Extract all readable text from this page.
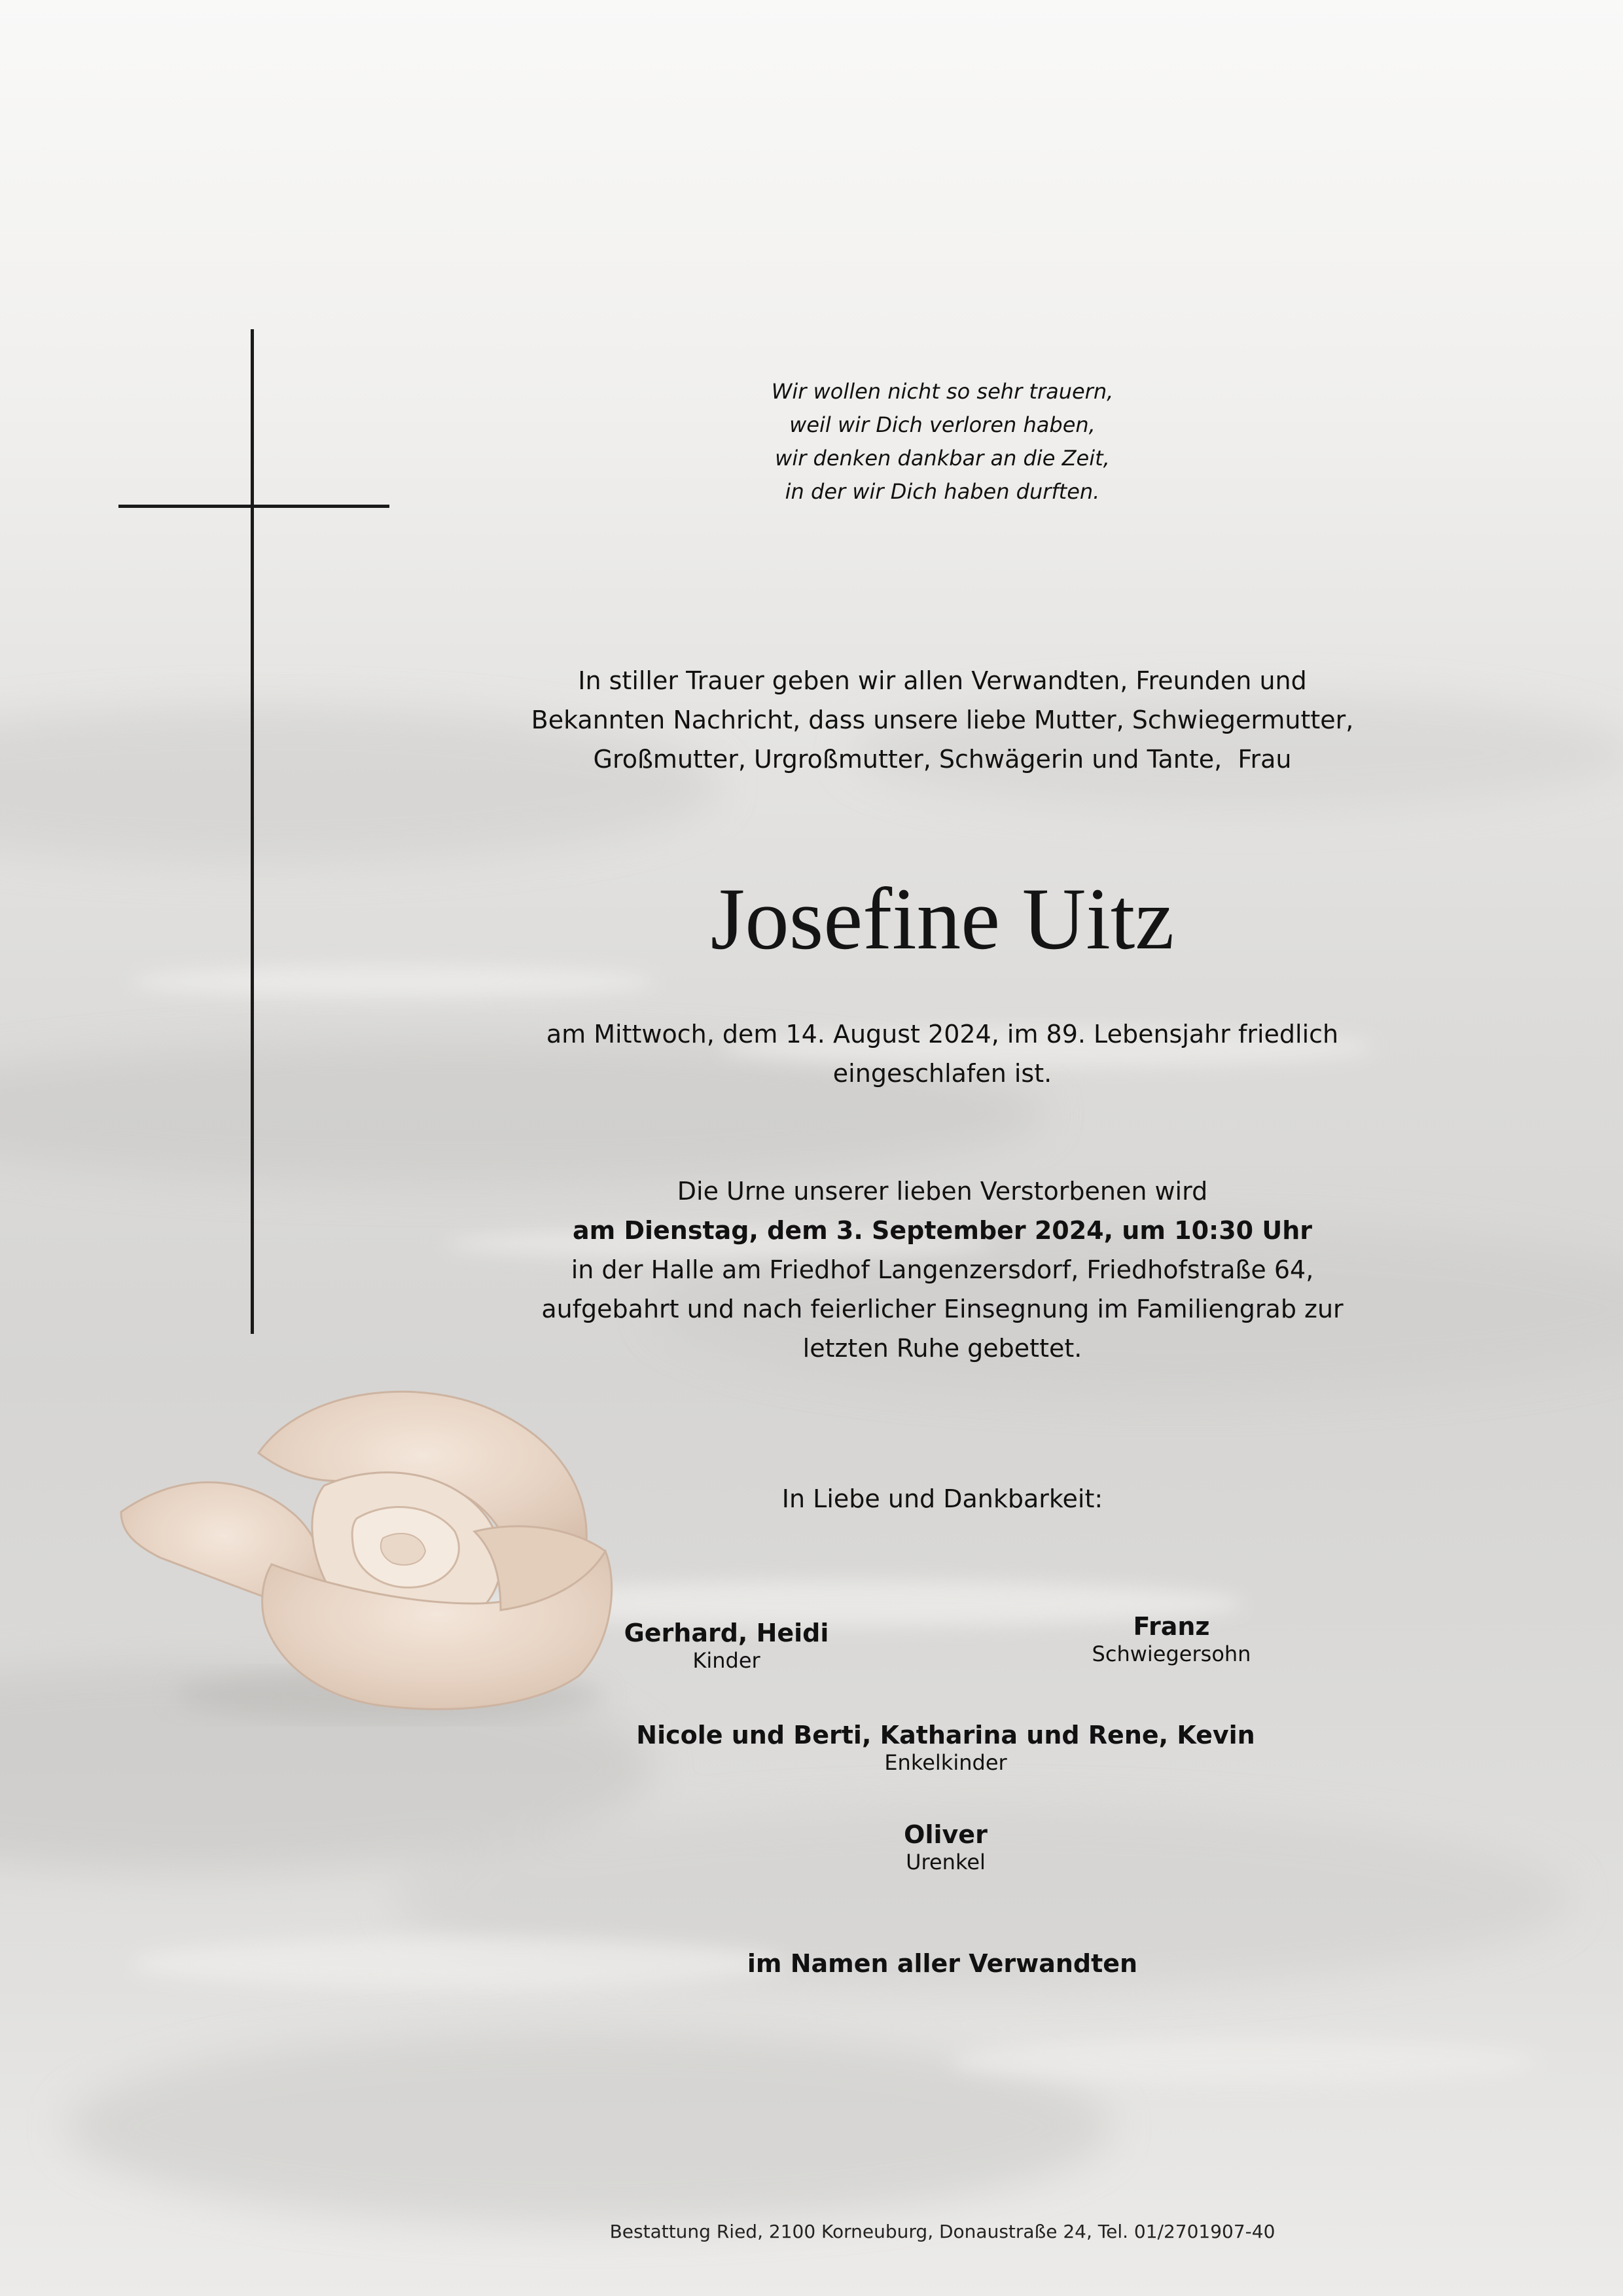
Wir wollen nicht so sehr trauern,
weil wir Dich verloren haben,
wir denken dankbar an die Zeit,
in der wir Dich haben durften.
In stiller Trauer geben wir allen Verwandten, Freunden und
Bekannten Nachricht, dass unsere liebe Mutter, Schwiegermutter,
Großmutter, Urgroßmutter, Schwägerin und Tante,  Frau
Josefine Uitz
am Mittwoch, dem 14. August 2024, im 89. Lebensjahr friedlich
eingeschlafen ist.
Die Urne unserer lieben Verstorbenen wird
am Dienstag, dem 3. September 2024, um 10:30 Uhr
in der Halle am Friedhof Langenzersdorf, Friedhofstraße 64,
aufgebahrt und nach feierlicher Einsegnung im Familiengrab zur
letzten Ruhe gebettet.
In Liebe und Dankbarkeit:
Gerhard, Heidi
Kinder
Franz
Schwiegersohn
Nicole und Berti, Katharina und Rene, Kevin
Enkelkinder
Oliver
Urenkel
im Namen aller Verwandten
Bestattung Ried, 2100 Korneuburg, Donaustraße 24, Tel. 01/2701907-40
